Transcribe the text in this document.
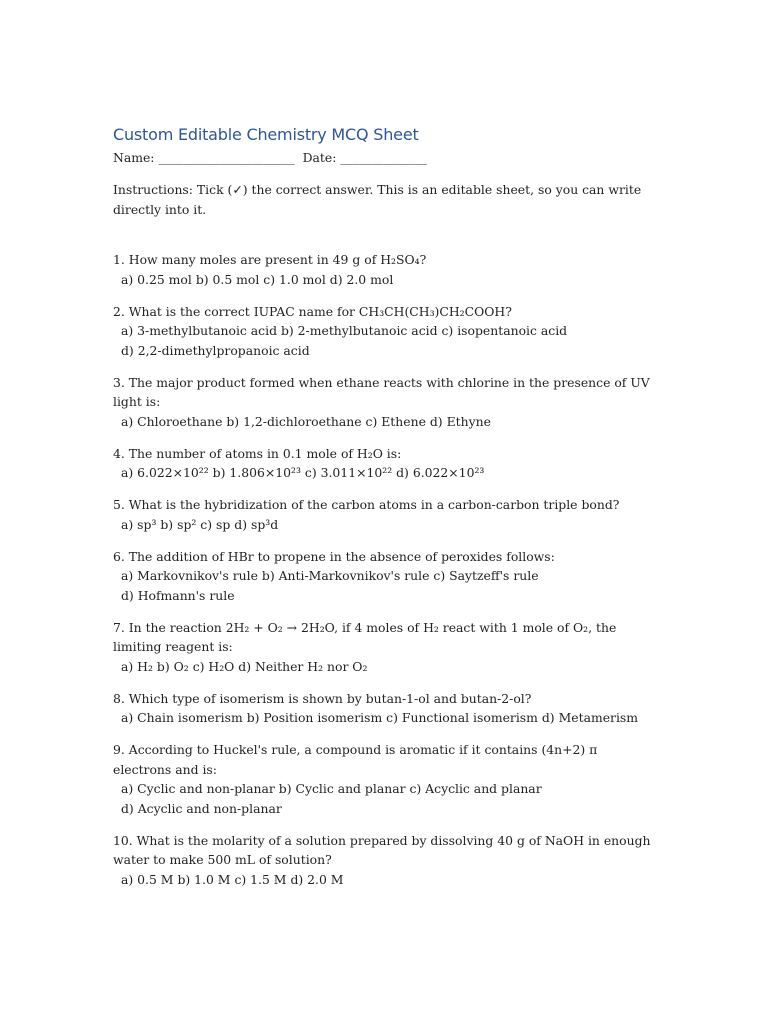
Custom Editable Chemistry MCQ Sheet
Name: ______________________  Date: ______________
Instructions: Tick (✓) the correct answer. This is an editable sheet, so you can write directly into it.
1. How many moles are present in 49 g of H₂SO₄?
a) 0.25 mol b) 0.5 mol c) 1.0 mol d) 2.0 mol
2. What is the correct IUPAC name for CH₃CH(CH₃)CH₂COOH?
a) 3-methylbutanoic acid b) 2-methylbutanoic acid c) isopentanoic acid d) 2,2-dimethylpropanoic acid
3. The major product formed when ethane reacts with chlorine in the presence of UV light is:
a) Chloroethane b) 1,2-dichloroethane c) Ethene d) Ethyne
4. The number of atoms in 0.1 mole of H₂O is:
a) 6.022×10²² b) 1.806×10²³ c) 3.011×10²² d) 6.022×10²³
5. What is the hybridization of the carbon atoms in a carbon-carbon triple bond?
a) sp³ b) sp² c) sp d) sp³d
6. The addition of HBr to propene in the absence of peroxides follows:
a) Markovnikov's rule b) Anti-Markovnikov's rule c) Saytzeff's rule d) Hofmann's rule
7. In the reaction 2H₂ + O₂ → 2H₂O, if 4 moles of H₂ react with 1 mole of O₂, the limiting reagent is:
a) H₂ b) O₂ c) H₂O d) Neither H₂ nor O₂
8. Which type of isomerism is shown by butan-1-ol and butan-2-ol?
a) Chain isomerism b) Position isomerism c) Functional isomerism d) Metamerism
9. According to Huckel's rule, a compound is aromatic if it contains (4n+2) π electrons and is:
a) Cyclic and non-planar b) Cyclic and planar c) Acyclic and planar d) Acyclic and non-planar
10. What is the molarity of a solution prepared by dissolving 40 g of NaOH in enough water to make 500 mL of solution?
a) 0.5 M b) 1.0 M c) 1.5 M d) 2.0 M
